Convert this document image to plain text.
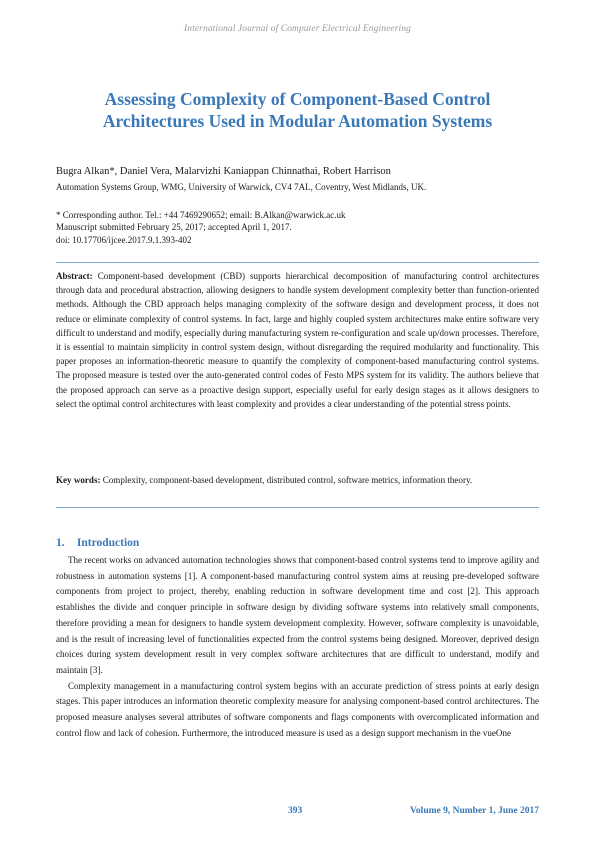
International Journal of Computer Electrical Engineering
Assessing Complexity of Component-Based Control
Architectures Used in Modular Automation Systems
Bugra Alkan*, Daniel Vera, Malarvizhi Kaniappan Chinnathai, Robert Harrison
Automation Systems Group, WMG, University of Warwick, CV4 7AL, Coventry, West Midlands, UK.
* Corresponding author. Tel.: +44 7469290652; email: B.Alkan@warwick.ac.uk
Manuscript submitted February 25, 2017; accepted April 1, 2017.
doi: 10.17706/ijcee.2017.9.1.393-402
Abstract: Component-based development (CBD) supports hierarchical decomposition of manufacturing control architectures through data and procedural abstraction, allowing designers to handle system development complexity better than function-oriented methods. Although the CBD approach helps managing complexity of the software design and development process, it does not reduce or eliminate complexity of control systems. In fact, large and highly coupled system architectures make entire software very difficult to understand and modify, especially during manufacturing system re-configuration and scale up/down processes. Therefore, it is essential to maintain simplicity in control system design, without disregarding the required modularity and functionality. This paper proposes an information-theoretic measure to quantify the complexity of component-based manufacturing control systems. The proposed measure is tested over the auto-generated control codes of Festo MPS system for its validity. The authors believe that the proposed approach can serve as a proactive design support, especially useful for early design stages as it allows designers to select the optimal control architectures with least complexity and provides a clear understanding of the potential stress points.
Key words: Complexity, component-based development, distributed control, software metrics, information theory.
1. Introduction

The recent works on advanced automation technologies shows that component-based control systems tend to improve agility and robustness in automation systems [1]. A component-based manufacturing control system aims at reusing pre-developed software components from project to project, thereby, enabling reduction in software development time and cost [2]. This approach establishes the divide and conquer principle in software design by dividing software systems into relatively small components, therefore providing a mean for designers to handle system development complexity. However, software complexity is unavoidable, and is the result of increasing level of functionalities expected from the control systems being designed. Moreover, deprived design choices during system development result in very complex software architectures that are difficult to understand, modify and maintain [3].

Complexity management in a manufacturing control system begins with an accurate prediction of stress points at early design stages. This paper introduces an information theoretic complexity measure for analysing component-based control architectures. The proposed measure analyses several attributes of software components and flags components with overcomplicated information and control flow and lack of cohesion. Furthermore, the introduced measure is used as a design support mechanism in the vueOne

393	Volume 9, Number 1, June 2017
